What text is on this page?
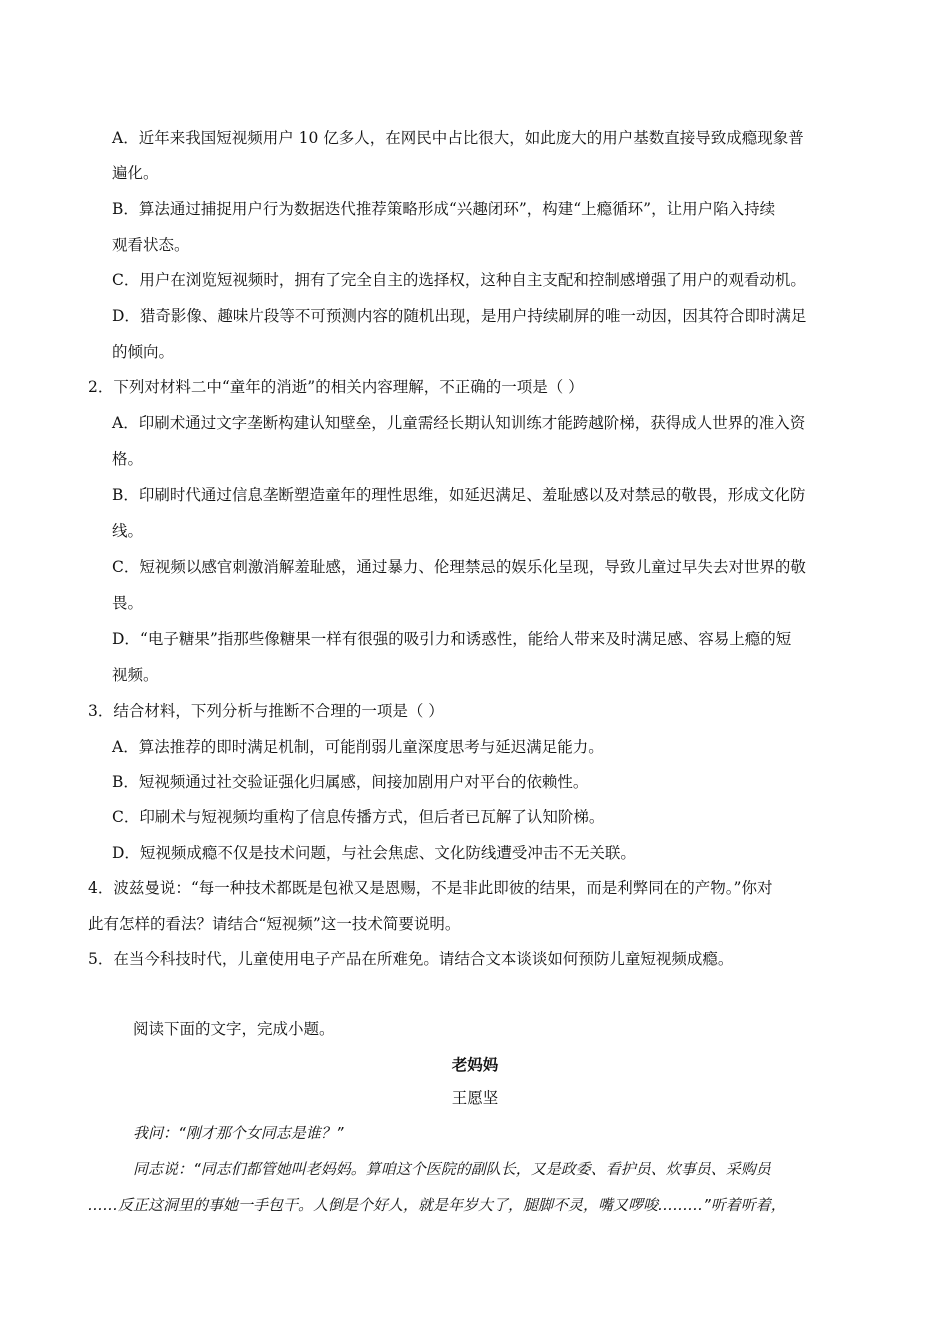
A．近年来我国短视频用户 10 亿多人，在网民中占比很大，如此庞大的用户基数直接导致成瘾现象普
遍化。
B．算法通过捕捉用户行为数据迭代推荐策略形成“兴趣闭环”，构建“上瘾循环”，让用户陷入持续
观看状态。
C．用户在浏览短视频时，拥有了完全自主的选择权，这种自主支配和控制感增强了用户的观看动机。
D．猎奇影像、趣味片段等不可预测内容的随机出现，是用户持续刷屏的唯一动因，因其符合即时满足
的倾向。
2．下列对材料二中“童年的消逝”的相关内容理解，不正确的一项是（ ）
A．印刷术通过文字垄断构建认知壁垒，儿童需经长期认知训练才能跨越阶梯，获得成人世界的准入资
格。
B．印刷时代通过信息垄断塑造童年的理性思维，如延迟满足、羞耻感以及对禁忌的敬畏，形成文化防
线。
C．短视频以感官刺激消解羞耻感，通过暴力、伦理禁忌的娱乐化呈现，导致儿童过早失去对世界的敬
畏。
D．“电子糖果”指那些像糖果一样有很强的吸引力和诱惑性，能给人带来及时满足感、容易上瘾的短
视频。
3．结合材料，下列分析与推断不合理的一项是（ ）
A．算法推荐的即时满足机制，可能削弱儿童深度思考与延迟满足能力。
B．短视频通过社交验证强化归属感，间接加剧用户对平台的依赖性。
C．印刷术与短视频均重构了信息传播方式，但后者已瓦解了认知阶梯。
D．短视频成瘾不仅是技术问题，与社会焦虑、文化防线遭受冲击不无关联。
4．波兹曼说：“每一种技术都既是包袱又是恩赐，不是非此即彼的结果，而是利弊同在的产物。”你对
此有怎样的看法？请结合“短视频”这一技术简要说明。
5．在当今科技时代，儿童使用电子产品在所难免。请结合文本谈谈如何预防儿童短视频成瘾。
阅读下面的文字，完成小题。
老妈妈
王愿坚
我问：“刚才那个女同志是谁？”
同志说：“同志们都管她叫老妈妈。算咱这个医院的副队长，又是政委、看护员、炊事员、采购员
……反正这洞里的事她一手包干。人倒是个好人，就是年岁大了，腿脚不灵，嘴又啰唆………”听着听着，
